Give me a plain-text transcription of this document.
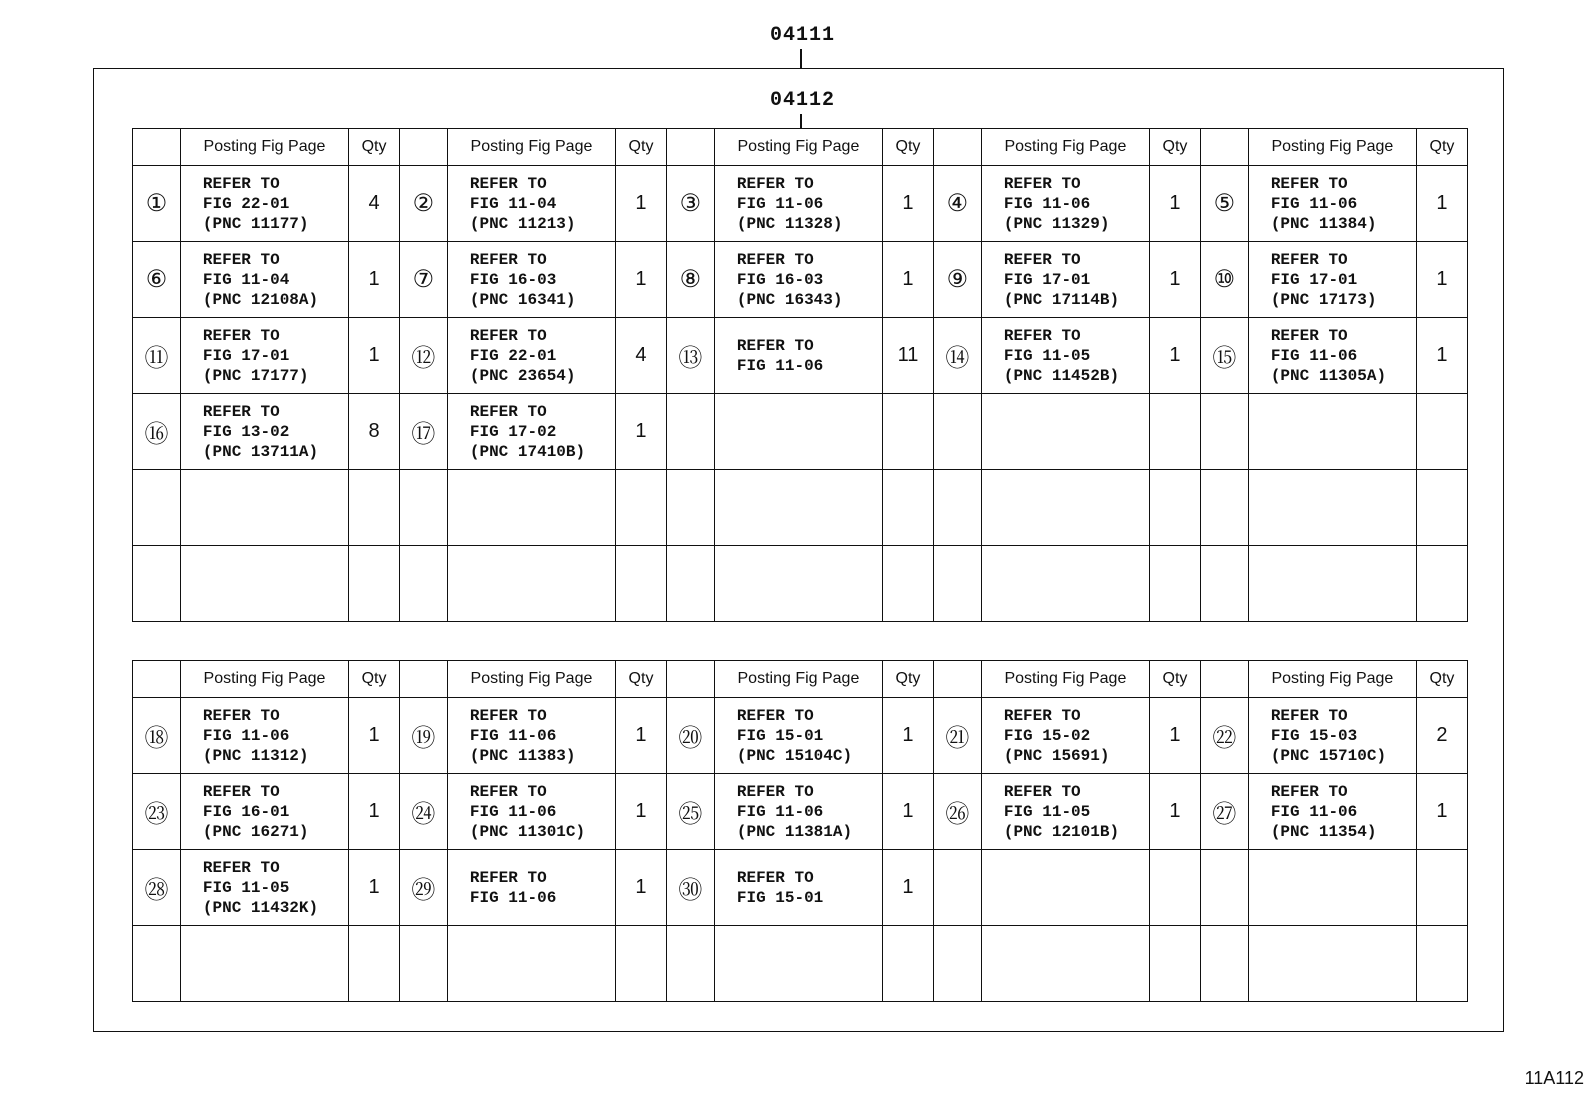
04111
04112
	Posting Fig Page	Qty		Posting Fig Page	Qty		Posting Fig Page	Qty		Posting Fig Page	Qty		Posting Fig Page	Qty
①	REFER TO
FIG 22-01
(PNC 11177)	4	②	REFER TO
FIG 11-04
(PNC 11213)	1	③	REFER TO
FIG 11-06
(PNC 11328)	1	④	REFER TO
FIG 11-06
(PNC 11329)	1	⑤	REFER TO
FIG 11-06
(PNC 11384)	1
⑥	REFER TO
FIG 11-04
(PNC 12108A)	1	⑦	REFER TO
FIG 16-03
(PNC 16341)	1	⑧	REFER TO
FIG 16-03
(PNC 16343)	1	⑨	REFER TO
FIG 17-01
(PNC 17114B)	1	⑩	REFER TO
FIG 17-01
(PNC 17173)	1
⑪	REFER TO
FIG 17-01
(PNC 17177)	1	⑫	REFER TO
FIG 22-01
(PNC 23654)	4	⑬	REFER TO
FIG 11-06	11	⑭	REFER TO
FIG 11-05
(PNC 11452B)	1	⑮	REFER TO
FIG 11-06
(PNC 11305A)	1
⑯	REFER TO
FIG 13-02
(PNC 13711A)	8	⑰	REFER TO
FIG 17-02
(PNC 17410B)	1									

	Posting Fig Page	Qty		Posting Fig Page	Qty		Posting Fig Page	Qty		Posting Fig Page	Qty		Posting Fig Page	Qty
⑱	REFER TO
FIG 11-06
(PNC 11312)	1	⑲	REFER TO
FIG 11-06
(PNC 11383)	1	⑳	REFER TO
FIG 15-01
(PNC 15104C)	1	㉑	REFER TO
FIG 15-02
(PNC 15691)	1	㉒	REFER TO
FIG 15-03
(PNC 15710C)	2
㉓	REFER TO
FIG 16-01
(PNC 16271)	1	㉔	REFER TO
FIG 11-06
(PNC 11301C)	1	㉕	REFER TO
FIG 11-06
(PNC 11381A)	1	㉖	REFER TO
FIG 11-05
(PNC 12101B)	1	㉗	REFER TO
FIG 11-06
(PNC 11354)	1
㉘	REFER TO
FIG 11-05
(PNC 11432K)	1	㉙	REFER TO
FIG 11-06	1	㉚	REFER TO
FIG 15-01	1						

11A112
